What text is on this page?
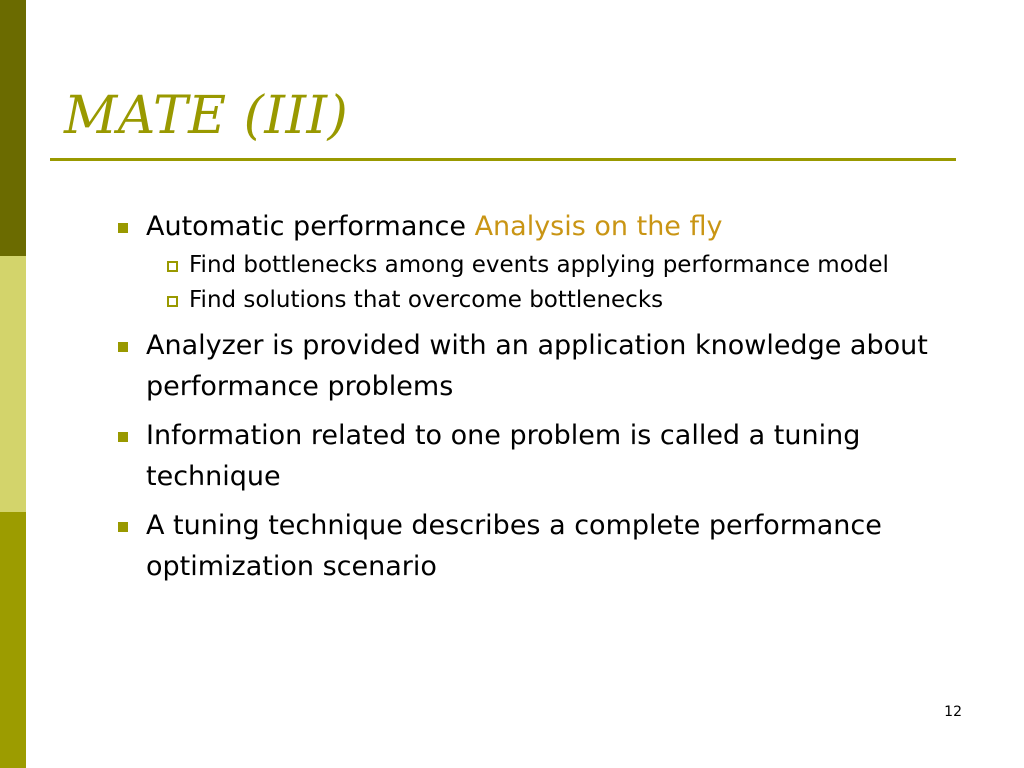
MATE (III)
Automatic performance Analysis on the fly
Find bottlenecks among events applying performance model
Find solutions that overcome bottlenecks
Analyzer is provided with an application knowledge about performance problems
Information related to one problem is called a tuning technique
A tuning technique describes a complete performance optimization scenario
12
